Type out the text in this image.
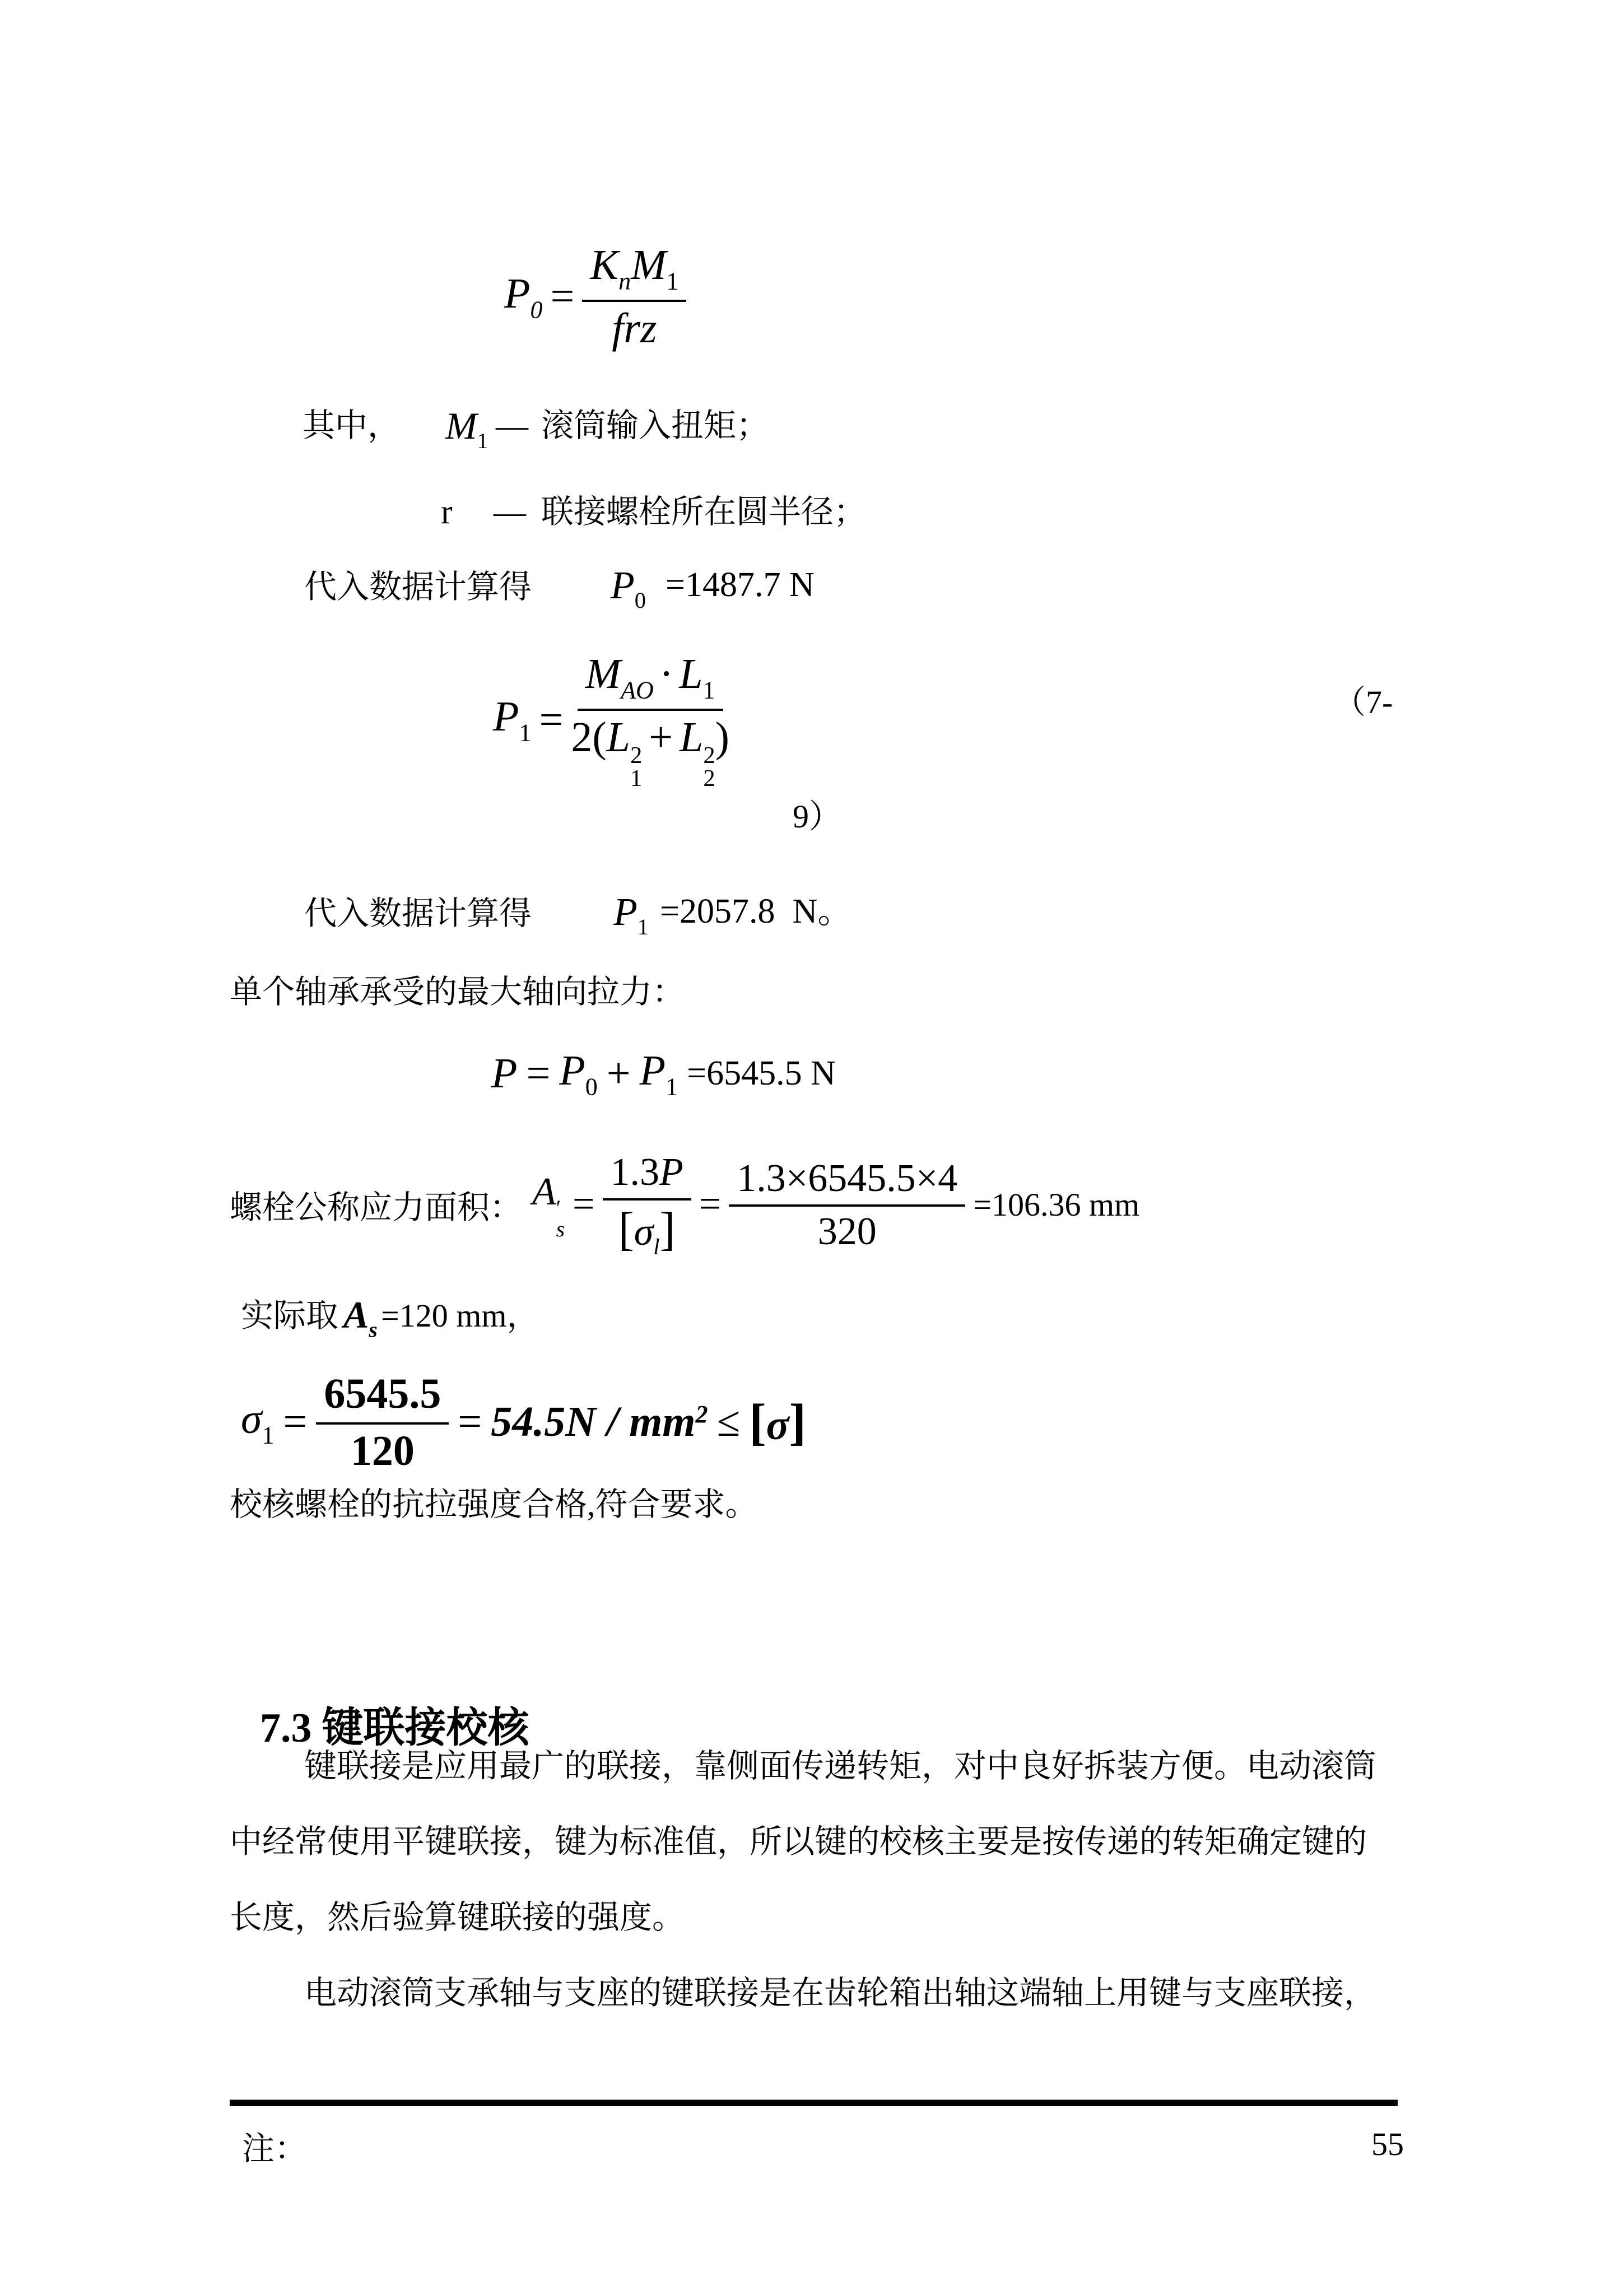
$P_0 = \frac{K_nM_1}{\text{frz}}$

其中，

$M_1$

—

滚筒输入扭矩；

r

—

联接螺栓所在圆半径；

代入数据计算得

$P_0$

=1487.7 N

$P_1 = M_{AO} \cdot L_1$
2(L 2
1
+ L 2
2
)	（7-
9）

代入数据计算得

$P_1$

=2057.8  N。

单个轴承承受的最大轴向拉力：
$P = P_0 + P_1 =6545.5$ N
螺栓公称应力面积： A ′
s
= $\frac{1.3P}{[\sigma_l]} = \frac{1.3\times 6545.5\times 4}{320} =106.36$ mm

实际取

$A_s$

=120 mm，

$\sigma_1 = \frac{6545.5}{120} = 54.5N / mm^2 \le [\sigma]$
校核螺栓的抗拉强度合格,符合要求。

7.3 键联接校核

键联接是应用最广的联接，靠侧面传递转矩，对中良好拆装方便。电动滚筒
中经常使用平键联接，键为标准值，所以键的校核主要是按传递的转矩确定键的
长度，然后验算键联接的强度。
电动滚筒支承轴与支座的键联接是在齿轮箱出轴这端轴上用键与支座联接，
注：	55
